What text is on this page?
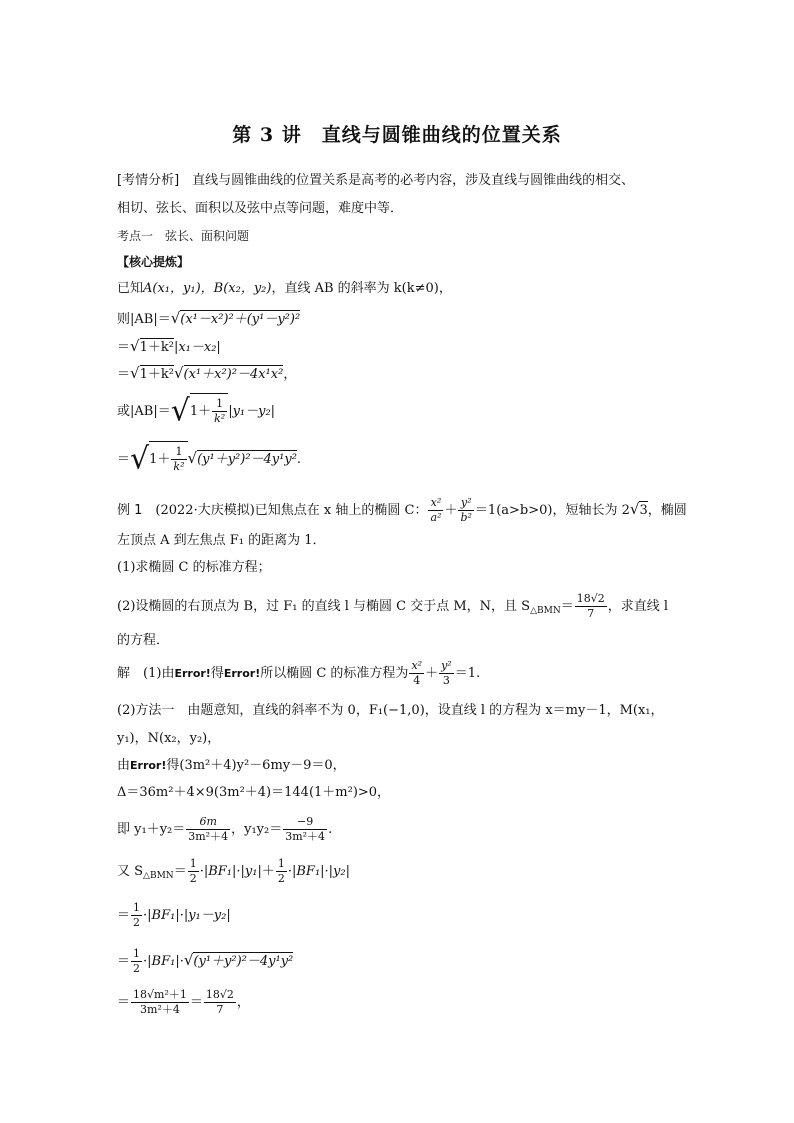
第 3 讲　直线与圆锥曲线的位置关系
[考情分析]　 直线与圆锥曲线的位置关系是高考的必考内容，涉及直线与圆锥曲线的相交、
相切、弦长、面积以及弦中点等问题，难度中等．
考点一　弦长、面积问题
【核心提炼】
已知A(x₁，y₁)，B(x₂，y₂)，直线 AB 的斜率为 k(k≠0)，
则|AB|＝√(x¹－x²)²＋(y¹－y²)²
＝√1＋k²|x₁－x₂|
＝√1＋k²√(x¹＋x²)²－4x¹x²，
或$|AB|=√1+ \frac{1}{\text{k²}} |y_1-y_2|$
$=√1+ \frac{1}{\text{k²}} √(y^1+y^2)^2-4y^1y^2$.
例 1　 (2022·大庆模拟)已知焦点在 x 轴上的椭圆 C： $\frac{\text{x²}}{\text{a²}} + \frac{\text{y²}}{\text{b²}} =1(a>b>0)$，短轴长为 2√3，椭圆
左顶点 A 到左焦点 F₁ 的距离为 1．
(1)求椭圆 C 的标准方程；
(2)设椭圆的右顶点为 B，过 F₁ 的直线 l 与椭圆 C 交于点 M，N，且 $S_{\triangle BMN}= \frac{18√2}{7}$ ，求直线 l
的方程．
解　 (1)由Error!得Error!所以椭圆 C 的标准方程为 $\frac{\text{x²}}{4} + \frac{\text{y²}}{3} =1$.
(2)方法一　由题意知，直线的斜率不为 0，F₁(−1,0)，设直线 l 的方程为 x＝my－1，M(x₁，
y₁)，N(x₂，y₂)，
由Error!得(3m²＋4)y²－6my－9＝0，
Δ＝36m²＋4×9(3m²＋4)＝144(1＋m²)>0，
即 $y_1+y_2= \frac{6m}{\text{3m²＋4}}$ ，$y_1y_2= \frac{-9}{\text{3m²＋4}}$ .
又 $S_{\triangle BMN}= \frac{1}{2} \cdot|BF_1|\cdot|y_1|+ \frac{1}{2} \cdot|BF_1|\cdot|y_2|$
＝ $\frac{1}{2} \cdot|BF_1|\cdot|y_1-y_2|$
＝ $\frac{1}{2} \cdot|BF_1|\cdot√(y^1+y^2)^2-4y^1y^2$
＝ $\frac{\text{18√m²＋1}}{\text{3m²＋4}} = \frac{18√2}{7}$ ，
